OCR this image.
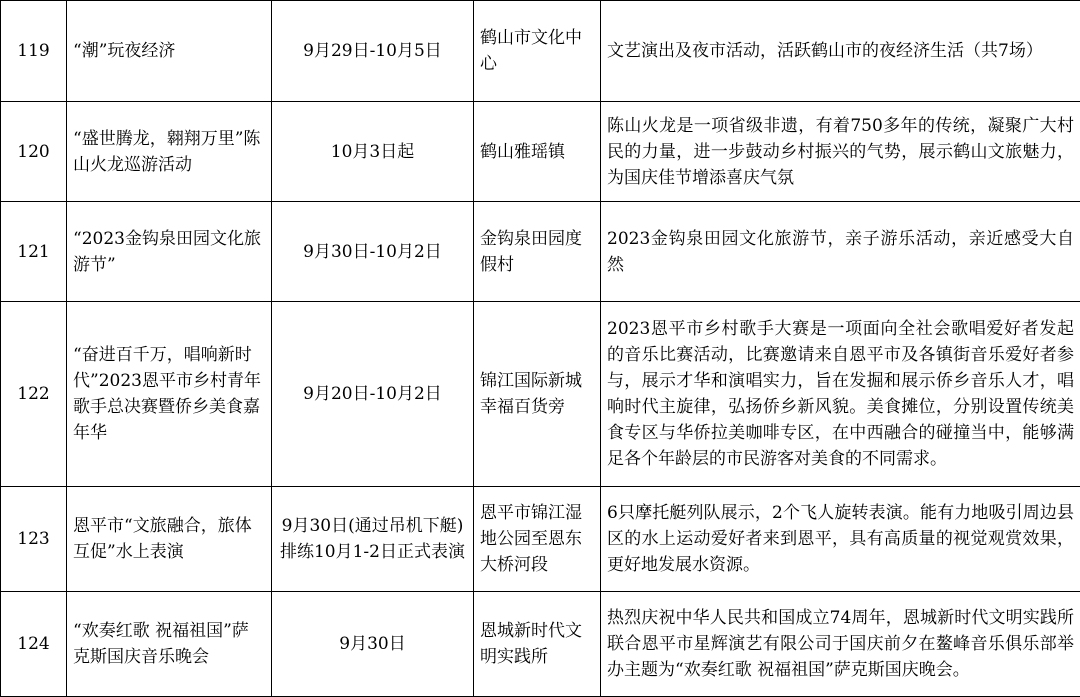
119	“潮”玩夜经济	9月29日-10月5日	鹤山市文化中心	文艺演出及夜市活动，活跃鹤山市的夜经济生活（共7场）
120	“盛世腾龙，翱翔万里”陈山火龙巡游活动	10月3日起	鹤山雅瑶镇	陈山火龙是一项省级非遗，有着750多年的传统，凝聚广大村民的力量，进一步鼓动乡村振兴的气势，展示鹤山文旅魅力，为国庆佳节增添喜庆气氛
121	“2023金钩泉田园文化旅游节”	9月30日-10月2日	金钩泉田园度假村	2023金钩泉田园文化旅游节，亲子游乐活动，亲近感受大自然
122	“奋进百千万，唱响新时代”2023恩平市乡村青年歌手总决赛暨侨乡美食嘉年华	9月20日-10月2日	锦江国际新城幸福百货旁	2023恩平市乡村歌手大赛是一项面向全社会歌唱爱好者发起的音乐比赛活动，比赛邀请来自恩平市及各镇街音乐爱好者参与，展示才华和演唱实力，旨在发掘和展示侨乡音乐人才，唱响时代主旋律，弘扬侨乡新风貌。美食摊位，分别设置传统美食专区与华侨拉美咖啡专区，在中西融合的碰撞当中，能够满足各个年龄层的市民游客对美食的不同需求。
123	恩平市“文旅融合，旅体互促”水上表演	9月30日(通过吊机下艇)排练10月1-2日正式表演	恩平市锦江湿地公园至恩东大桥河段	6只摩托艇列队展示，2个飞人旋转表演。能有力地吸引周边县区的水上运动爱好者来到恩平，具有高质量的视觉观赏效果，更好地发展水资源。
124	“欢奏红歌 祝福祖国”萨克斯国庆音乐晚会	9月30日	恩城新时代文明实践所	热烈庆祝中华人民共和国成立74周年，恩城新时代文明实践所联合恩平市星辉演艺有限公司于国庆前夕在鳌峰音乐俱乐部举办主题为“欢奏红歌 祝福祖国”萨克斯国庆晚会。
